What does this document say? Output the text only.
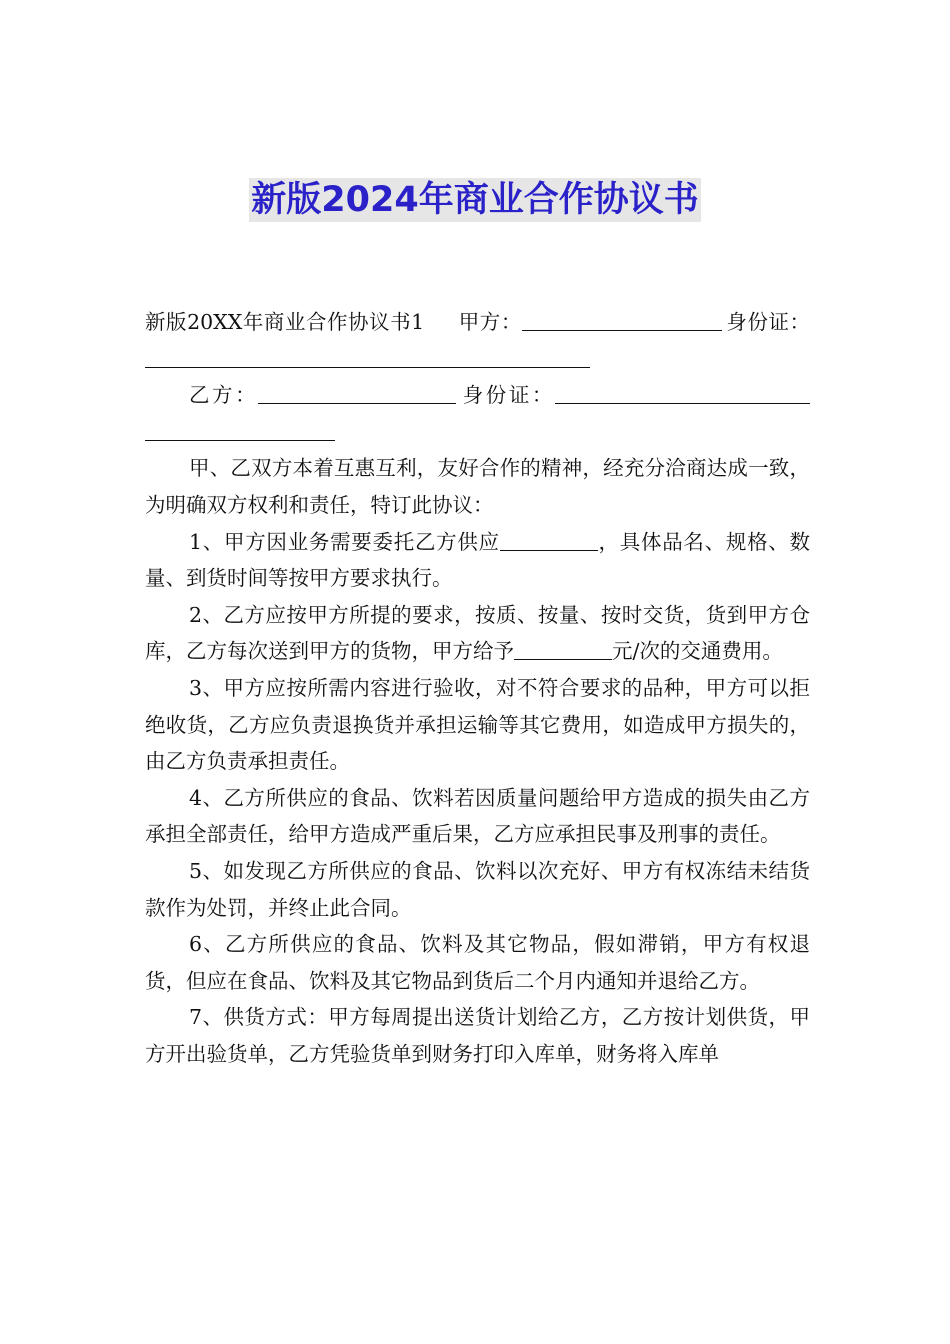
新版2024年商业合作协议书

新版20XX年商业合作协议书1 甲方：	身份证：

乙方：	身份证：

甲、乙双方本着互惠互利，友好合作的精神，经充分洽商达成一致，为明确双方权利和责任，特订此协议：

1、甲方因业务需要委托乙方供应	，具体品名、规格、数量、到货时间等按甲方要求执行。

2、乙方应按甲方所提的要求，按质、按量、按时交货，货到甲方仓库，乙方每次送到甲方的货物，甲方给予	元/次的交通费用。

3、甲方应按所需内容进行验收，对不符合要求的品种，甲方可以拒绝收货，乙方应负责退换货并承担运输等其它费用，如造成甲方损失的，由乙方负责承担责任。

4、乙方所供应的食品、饮料若因质量问题给甲方造成的损失由乙方承担全部责任，给甲方造成严重后果，乙方应承担民事及刑事的责任。

5、如发现乙方所供应的食品、饮料以次充好、甲方有权冻结未结货款作为处罚，并终止此合同。

6、乙方所供应的食品、饮料及其它物品，假如滞销，甲方有权退货，但应在食品、饮料及其它物品到货后二个月内通知并退给乙方。

7、供货方式：甲方每周提出送货计划给乙方，乙方按计划供货，甲方开出验货单，乙方凭验货单到财务打印入库单，财务将入库单
